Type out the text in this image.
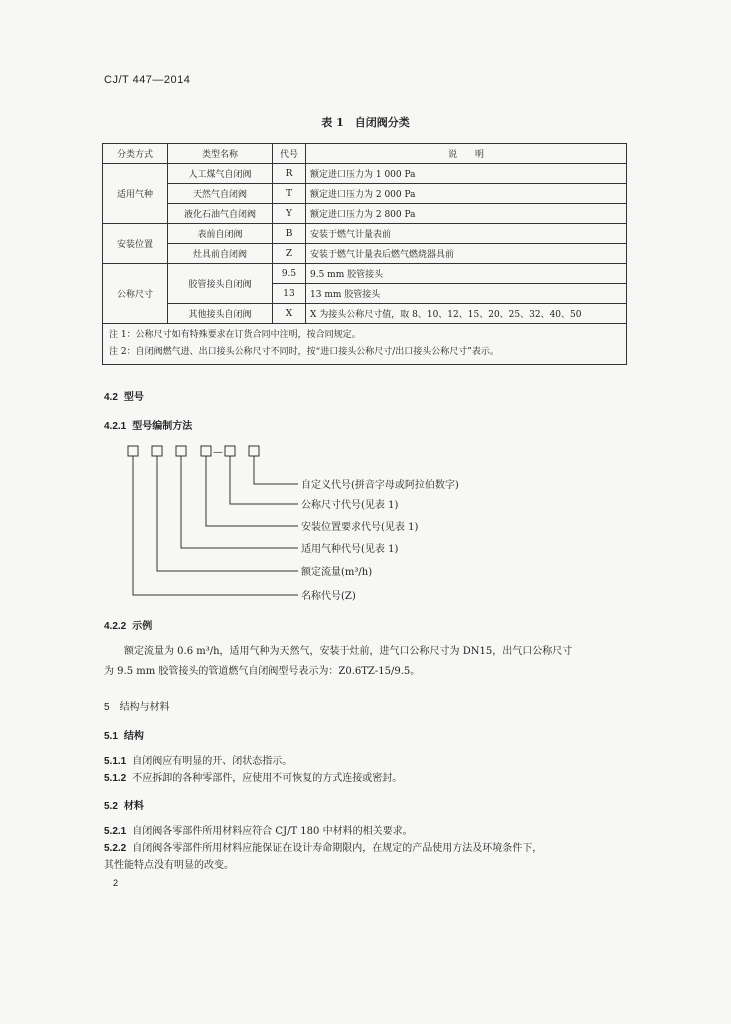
CJ/T 447—2014
表 1　自闭阀分类
分类方式	类型名称	代号	说　　明
适用气种	人工煤气自闭阀	R	额定进口压力为 1 000 Pa
	天然气自闭阀	T	额定进口压力为 2 000 Pa
	液化石油气自闭阀	Y	额定进口压力为 2 800 Pa
安装位置	表前自闭阀	B	安装于燃气计量表前
	灶具前自闭阀	Z	安装于燃气计量表后燃气燃烧器具前
公称尺寸	胶管接头自闭阀	9.5	9.5 mm 胶管接头
		13	13 mm 胶管接头
	其他接头自闭阀	X	X 为接头公称尺寸值，取 8、10、12、15、20、25、32、40、50

注 1：公称尺寸如有特殊要求在订货合同中注明，按合同规定。
注 2：自闭阀燃气进、出口接头公称尺寸不同时，按“进口接头公称尺寸/出口接头公称尺寸”表示。			
4.2 型号
4.2.1 型号编制方法
—
自定义代号(拼音字母或阿拉伯数字)
公称尺寸代号(见表 1)
安装位置要求代号(见表 1)
适用气种代号(见表 1)
额定流量(m³/h)
名称代号(Z)
4.2.2 示例
额定流量为 0.6 m³/h，适用气种为天然气，安装于灶前，进气口公称尺寸为 DN15，出气口公称尺寸
为 9.5 mm 胶管接头的管道燃气自闭阀型号表示为：Z0.6TZ-15/9.5。
5 结构与材料
5.1 结构
5.1.1 自闭阀应有明显的开、闭状态指示。
5.1.2 不应拆卸的各种零部件，应使用不可恢复的方式连接或密封。
5.2 材料
5.2.1 自闭阀各零部件所用材料应符合 CJ/T 180 中材料的相关要求。
5.2.2 自闭阀各零部件所用材料应能保证在设计寿命期限内，在规定的产品使用方法及环境条件下，
其性能特点没有明显的改变。
2
